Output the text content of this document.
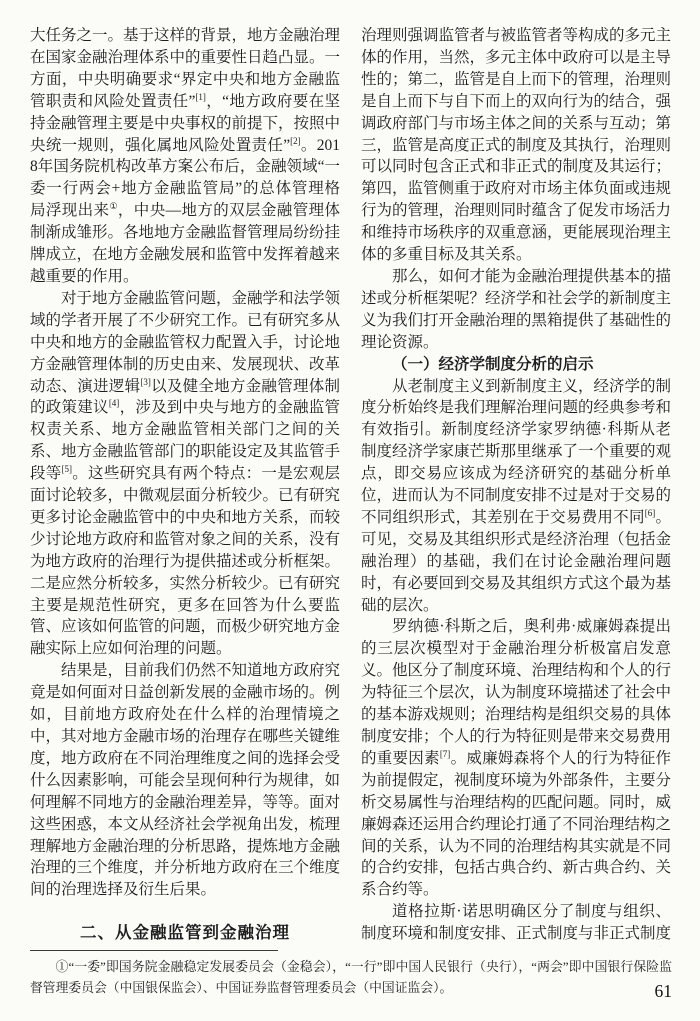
大任务之一。基于这样的背景，地方金融治理在国家金融治理体系中的重要性日趋凸显。一方面，中央明确要求“界定中央和地方金融监管职责和风险处置责任”[1]，“地方政府要在坚持金融管理主要是中央事权的前提下，按照中央统一规则，强化属地风险处置责任”[2]。2018年国务院机构改革方案公布后，金融领域“一委一行两会+地方金融监管局”的总体管理格局浮现出来①，中央—地方的双层金融管理体制渐成雏形。各地地方金融监督管理局纷纷挂牌成立，在地方金融发展和监管中发挥着越来越重要的作用。

对于地方金融监管问题，金融学和法学领域的学者开展了不少研究工作。已有研究多从中央和地方的金融监管权力配置入手，讨论地方金融管理体制的历史由来、发展现状、改革动态、演进逻辑[3]以及健全地方金融管理体制的政策建议[4]，涉及到中央与地方的金融监管权责关系、地方金融监管相关部门之间的关系、地方金融监管部门的职能设定及其监管手段等[5]。这些研究具有两个特点：一是宏观层面讨论较多，中微观层面分析较少。已有研究更多讨论金融监管中的中央和地方关系，而较少讨论地方政府和监管对象之间的关系，没有为地方政府的治理行为提供描述或分析框架。二是应然分析较多，实然分析较少。已有研究主要是规范性研究，更多在回答为什么要监管、应该如何监管的问题，而极少研究地方金融实际上应如何治理的问题。

结果是，目前我们仍然不知道地方政府究竟是如何面对日益创新发展的金融市场的。例如，目前地方政府处在什么样的治理情境之中，其对地方金融市场的治理存在哪些关键维度，地方政府在不同治理维度之间的选择会受什么因素影响，可能会呈现何种行为规律，如何理解不同地方的金融治理差异，等等。面对这些困惑，本文从经济社会学视角出发，梳理理解地方金融治理的分析思路，提炼地方金融治理的三个维度，并分析地方政府在三个维度间的治理选择及衍生后果。

二、从金融监管到金融治理

治理则强调监管者与被监管者等构成的多元主体的作用，当然，多元主体中政府可以是主导性的；第二，监管是自上而下的管理，治理则是自上而下与自下而上的双向行为的结合，强调政府部门与市场主体之间的关系与互动；第三，监管是高度正式的制度及其执行，治理则可以同时包含正式和非正式的制度及其运行；第四，监管侧重于政府对市场主体负面或违规行为的管理，治理则同时蕴含了促发市场活力和维持市场秩序的双重意涵，更能展现治理主体的多重目标及其关系。

那么，如何才能为金融治理提供基本的描述或分析框架呢？经济学和社会学的新制度主义为我们打开金融治理的黑箱提供了基础性的理论资源。

（一）经济学制度分析的启示

从老制度主义到新制度主义，经济学的制度分析始终是我们理解治理问题的经典参考和有效指引。新制度经济学家罗纳德·科斯从老制度经济学家康芒斯那里继承了一个重要的观点，即交易应该成为经济研究的基础分析单位，进而认为不同制度安排不过是对于交易的不同组织形式，其差别在于交易费用不同[6]。可见，交易及其组织形式是经济治理（包括金融治理）的基础，我们在讨论金融治理问题时，有必要回到交易及其组织方式这个最为基础的层次。

罗纳德·科斯之后，奥利弗·威廉姆森提出的三层次模型对于金融治理分析极富启发意义。他区分了制度环境、治理结构和个人的行为特征三个层次，认为制度环境描述了社会中的基本游戏规则；治理结构是组织交易的具体制度安排；个人的行为特征则是带来交易费用的重要因素[7]。威廉姆森将个人的行为特征作为前提假定，视制度环境为外部条件，主要分析交易属性与治理结构的匹配问题。同时，威廉姆森还运用合约理论打通了不同治理结构之间的关系，认为不同的治理结构其实就是不同的合约安排，包括古典合约、新古典合约、关系合约等。

道格拉斯·诺思明确区分了制度与组织、制度环境和制度安排、正式制度与非正式制度

①“一委”即国务院金融稳定发展委员会（金稳会），“一行”即中国人民银行（央行），“两会”即中国银行保险监督管理委员会（中国银保监会）、中国证券监督管理委员会（中国证监会）。	61
